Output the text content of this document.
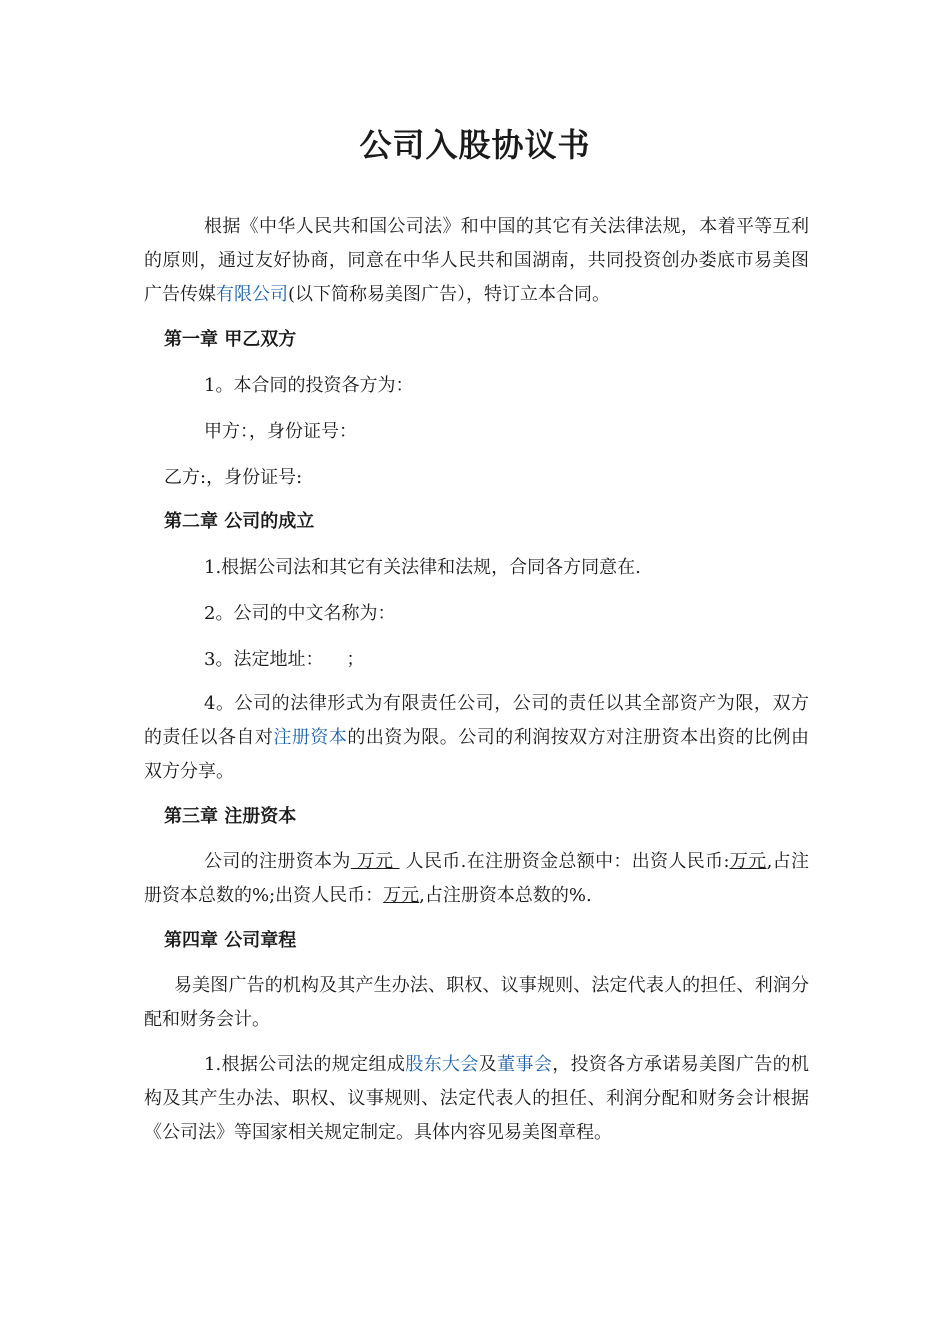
公司入股协议书
根据《中华人民共和国公司法》和中国的其它有关法律法规，本着平等互利的原则，通过友好协商，同意在中华人民共和国湖南，共同投资创办娄底市易美图广告传媒有限公司(以下简称易美图广告），特订立本合同。
第一章 甲乙双方
1。本合同的投资各方为：
甲方：，身份证号：
乙方:，身份证号:
第二章 公司的成立
1.根据公司法和其它有关法律和法规，合同各方同意在.
2。公司的中文名称为：
3。法定地址：    ；
4。公司的法律形式为有限责任公司，公司的责任以其全部资产为限，双方的责任以各自对注册资本的出资为限。公司的利润按双方对注册资本出资的比例由双方分享。
第三章 注册资本
公司的注册资本为 万元  人民币.在注册资金总额中：出资人民币:万元,占注册资本总数的%;出资人民币：万元,占注册资本总数的%.
第四章 公司章程
易美图广告的机构及其产生办法、职权、议事规则、法定代表人的担任、利润分配和财务会计。
1.根据公司法的规定组成股东大会及董事会，投资各方承诺易美图广告的机构及其产生办法、职权、议事规则、法定代表人的担任、利润分配和财务会计根据《公司法》等国家相关规定制定。具体内容见易美图章程。
